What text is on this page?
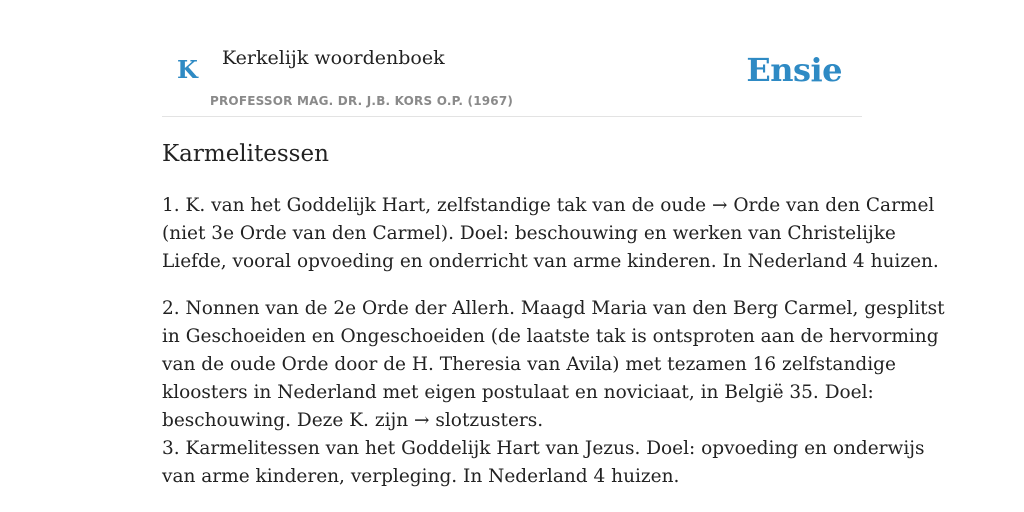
K Kerkelijk woordenboek
PROFESSOR MAG. DR. J.B. KORS O.P. (1967)
Ensie
Karmelitessen
1. K. van het Goddelijk Hart, zelfstandige tak van de oude → Orde van den Carmel
(niet 3e Orde van den Carmel). Doel: beschouwing en werken van Christelijke
Liefde, vooral opvoeding en onderricht van arme kinderen. In Nederland 4 huizen.
2. Nonnen van de 2e Orde der Allerh. Maagd Maria van den Berg Carmel, gesplitst
in Geschoeiden en Ongeschoeiden (de laatste tak is ontsproten aan de hervorming
van de oude Orde door de H. Theresia van Avila) met tezamen 16 zelfstandige
kloosters in Nederland met eigen postulaat en noviciaat, in België 35. Doel:
beschouwing. Deze K. zijn → slotzusters.
3. Karmelitessen van het Goddelijk Hart van Jezus. Doel: opvoeding en onderwijs
van arme kinderen, verpleging. In Nederland 4 huizen.
